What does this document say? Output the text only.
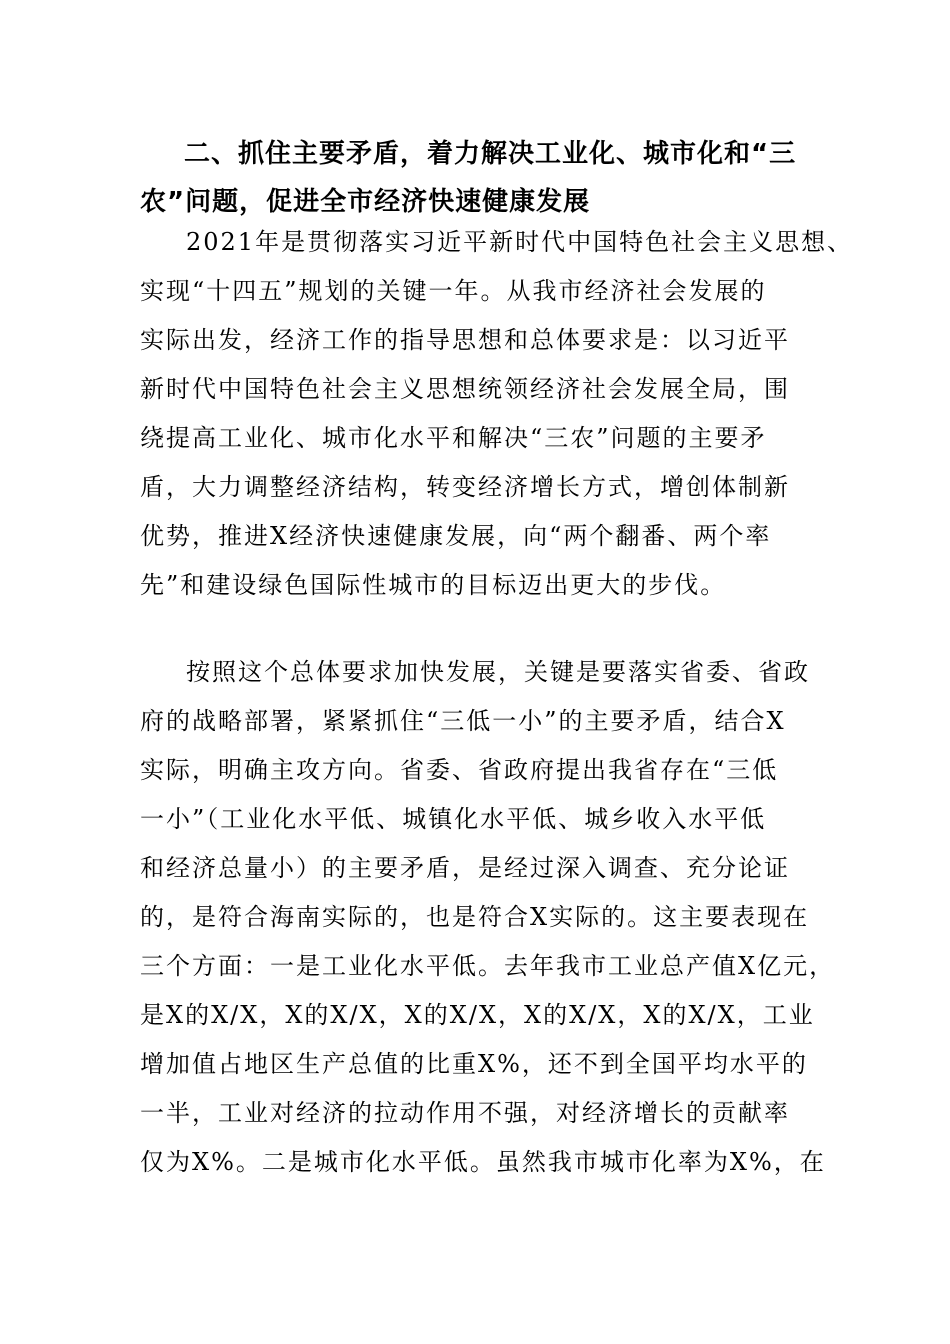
二、抓住主要矛盾，着力解决工业化、城市化和“三
农”问题，促进全市经济快速健康发展

2021年是贯彻落实习近平新时代中国特色社会主义思想、
实现“十四五”规划的关键一年。从我市经济社会发展的
实际出发，经济工作的指导思想和总体要求是：以习近平
新时代中国特色社会主义思想统领经济社会发展全局，围
绕提高工业化、城市化水平和解决“三农”问题的主要矛
盾，大力调整经济结构，转变经济增长方式，增创体制新
优势，推进X经济快速健康发展，向“两个翻番、两个率
先”和建设绿色国际性城市的目标迈出更大的步伐。

按照这个总体要求加快发展，关键是要落实省委、省政
府的战略部署，紧紧抓住“三低一小”的主要矛盾，结合X
实际，明确主攻方向。省委、省政府提出我省存在“三低
一小”（工业化水平低、城镇化水平低、城乡收入水平低
和经济总量小）的主要矛盾，是经过深入调查、充分论证
的，是符合海南实际的，也是符合X实际的。这主要表现在
三个方面：一是工业化水平低。去年我市工业总产值X亿元，
是X的X/X，X的X/X，X的X/X，X的X/X，X的X/X，工业
增加值占地区生产总值的比重X%，还不到全国平均水平的
一半，工业对经济的拉动作用不强，对经济增长的贡献率
仅为X%。二是城市化水平低。虽然我市城市化率为X%，在
